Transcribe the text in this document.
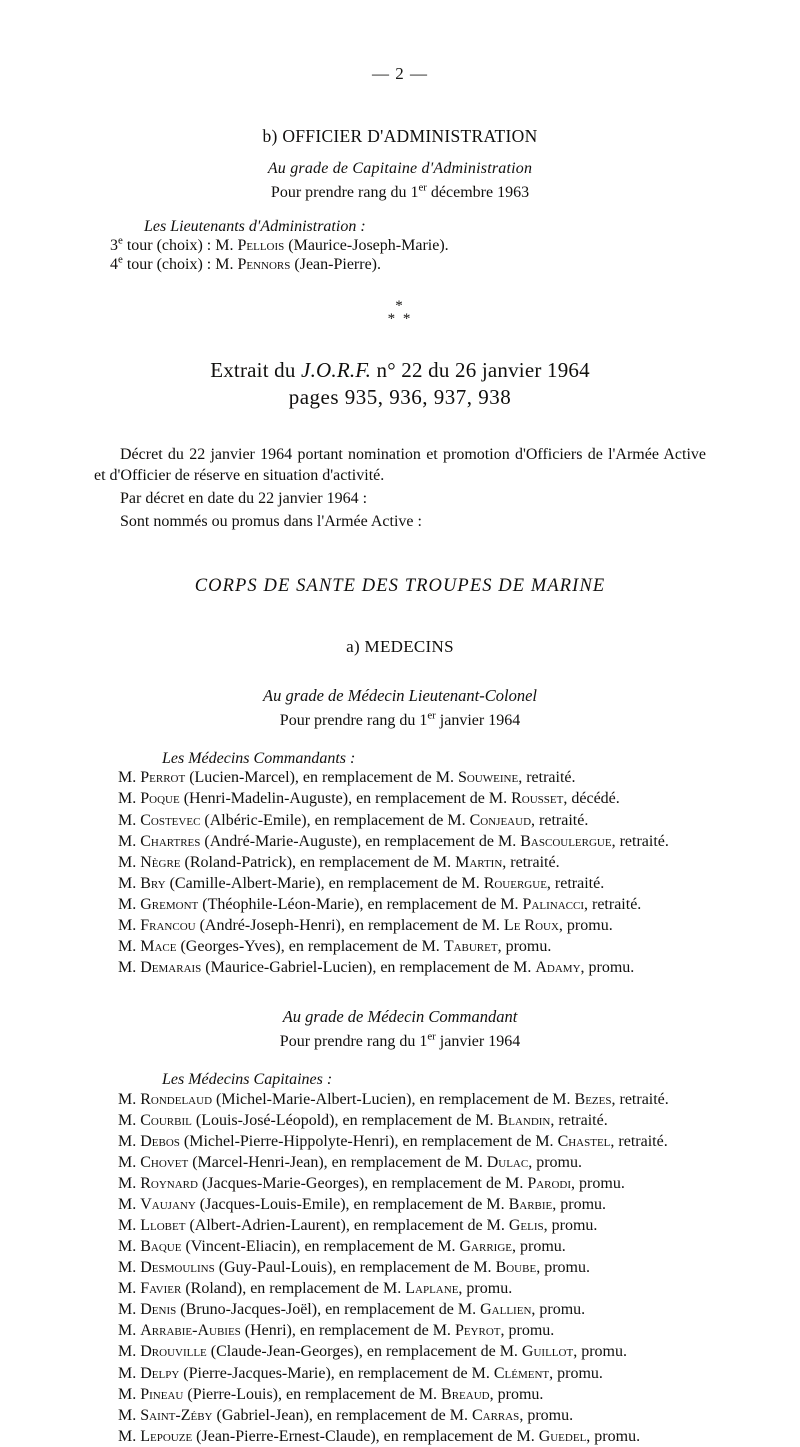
— 2 —
b) OFFICIER D'ADMINISTRATION
Au grade de Capitaine d'Administration
Pour prendre rang du 1er décembre 1963
Les Lieutenants d'Administration :
3e tour (choix) : M. Pellois (Maurice-Joseph-Marie).
4e tour (choix) : M. Pennors (Jean-Pierre).
*
* *
Extrait du J.O.R.F. n° 22 du 26 janvier 1964
pages 935, 936, 937, 938
Décret du 22 janvier 1964 portant nomination et promotion d'Officiers de l'Armée Active et d'Officier de réserve en situation d'activité.
Par décret en date du 22 janvier 1964 :
Sont nommés ou promus dans l'Armée Active :
CORPS DE SANTE DES TROUPES DE MARINE
a) MEDECINS
Au grade de Médecin Lieutenant-Colonel
Pour prendre rang du 1er janvier 1964
Les Médecins Commandants :
M. Perrot (Lucien-Marcel), en remplacement de M. Souweine, retraité.
M. Poque (Henri-Madelin-Auguste), en remplacement de M. Rousset, décédé.
M. Costevec (Albéric-Emile), en remplacement de M. Conjeaud, retraité.
M. Chartres (André-Marie-Auguste), en remplacement de M. Bascoulergue, retraité.
M. Nègre (Roland-Patrick), en remplacement de M. Martin, retraité.
M. Bry (Camille-Albert-Marie), en remplacement de M. Rouergue, retraité.
M. Gremont (Théophile-Léon-Marie), en remplacement de M. Palinacci, retraité.
M. Francou (André-Joseph-Henri), en remplacement de M. Le Roux, promu.
M. Mace (Georges-Yves), en remplacement de M. Taburet, promu.
M. Demarais (Maurice-Gabriel-Lucien), en remplacement de M. Adamy, promu.
Au grade de Médecin Commandant
Pour prendre rang du 1er janvier 1964
Les Médecins Capitaines :
M. Rondelaud (Michel-Marie-Albert-Lucien), en remplacement de M. Bezes, retraité.
M. Courbil (Louis-José-Léopold), en remplacement de M. Blandin, retraité.
M. Debos (Michel-Pierre-Hippolyte-Henri), en remplacement de M. Chastel, retraité.
M. Chovet (Marcel-Henri-Jean), en remplacement de M. Dulac, promu.
M. Roynard (Jacques-Marie-Georges), en remplacement de M. Parodi, promu.
M. Vaujany (Jacques-Louis-Emile), en remplacement de M. Barbie, promu.
M. Llobet (Albert-Adrien-Laurent), en remplacement de M. Gelis, promu.
M. Baque (Vincent-Eliacin), en remplacement de M. Garrige, promu.
M. Desmoulins (Guy-Paul-Louis), en remplacement de M. Boube, promu.
M. Favier (Roland), en remplacement de M. Laplane, promu.
M. Denis (Bruno-Jacques-Joël), en remplacement de M. Gallien, promu.
M. Arrabie-Aubies (Henri), en remplacement de M. Peyrot, promu.
M. Drouville (Claude-Jean-Georges), en remplacement de M. Guillot, promu.
M. Delpy (Pierre-Jacques-Marie), en remplacement de M. Clément, promu.
M. Pineau (Pierre-Louis), en remplacement de M. Breaud, promu.
M. Saint-Zéby (Gabriel-Jean), en remplacement de M. Carras, promu.
M. Lepouze (Jean-Pierre-Ernest-Claude), en remplacement de M. Guedel, promu.
